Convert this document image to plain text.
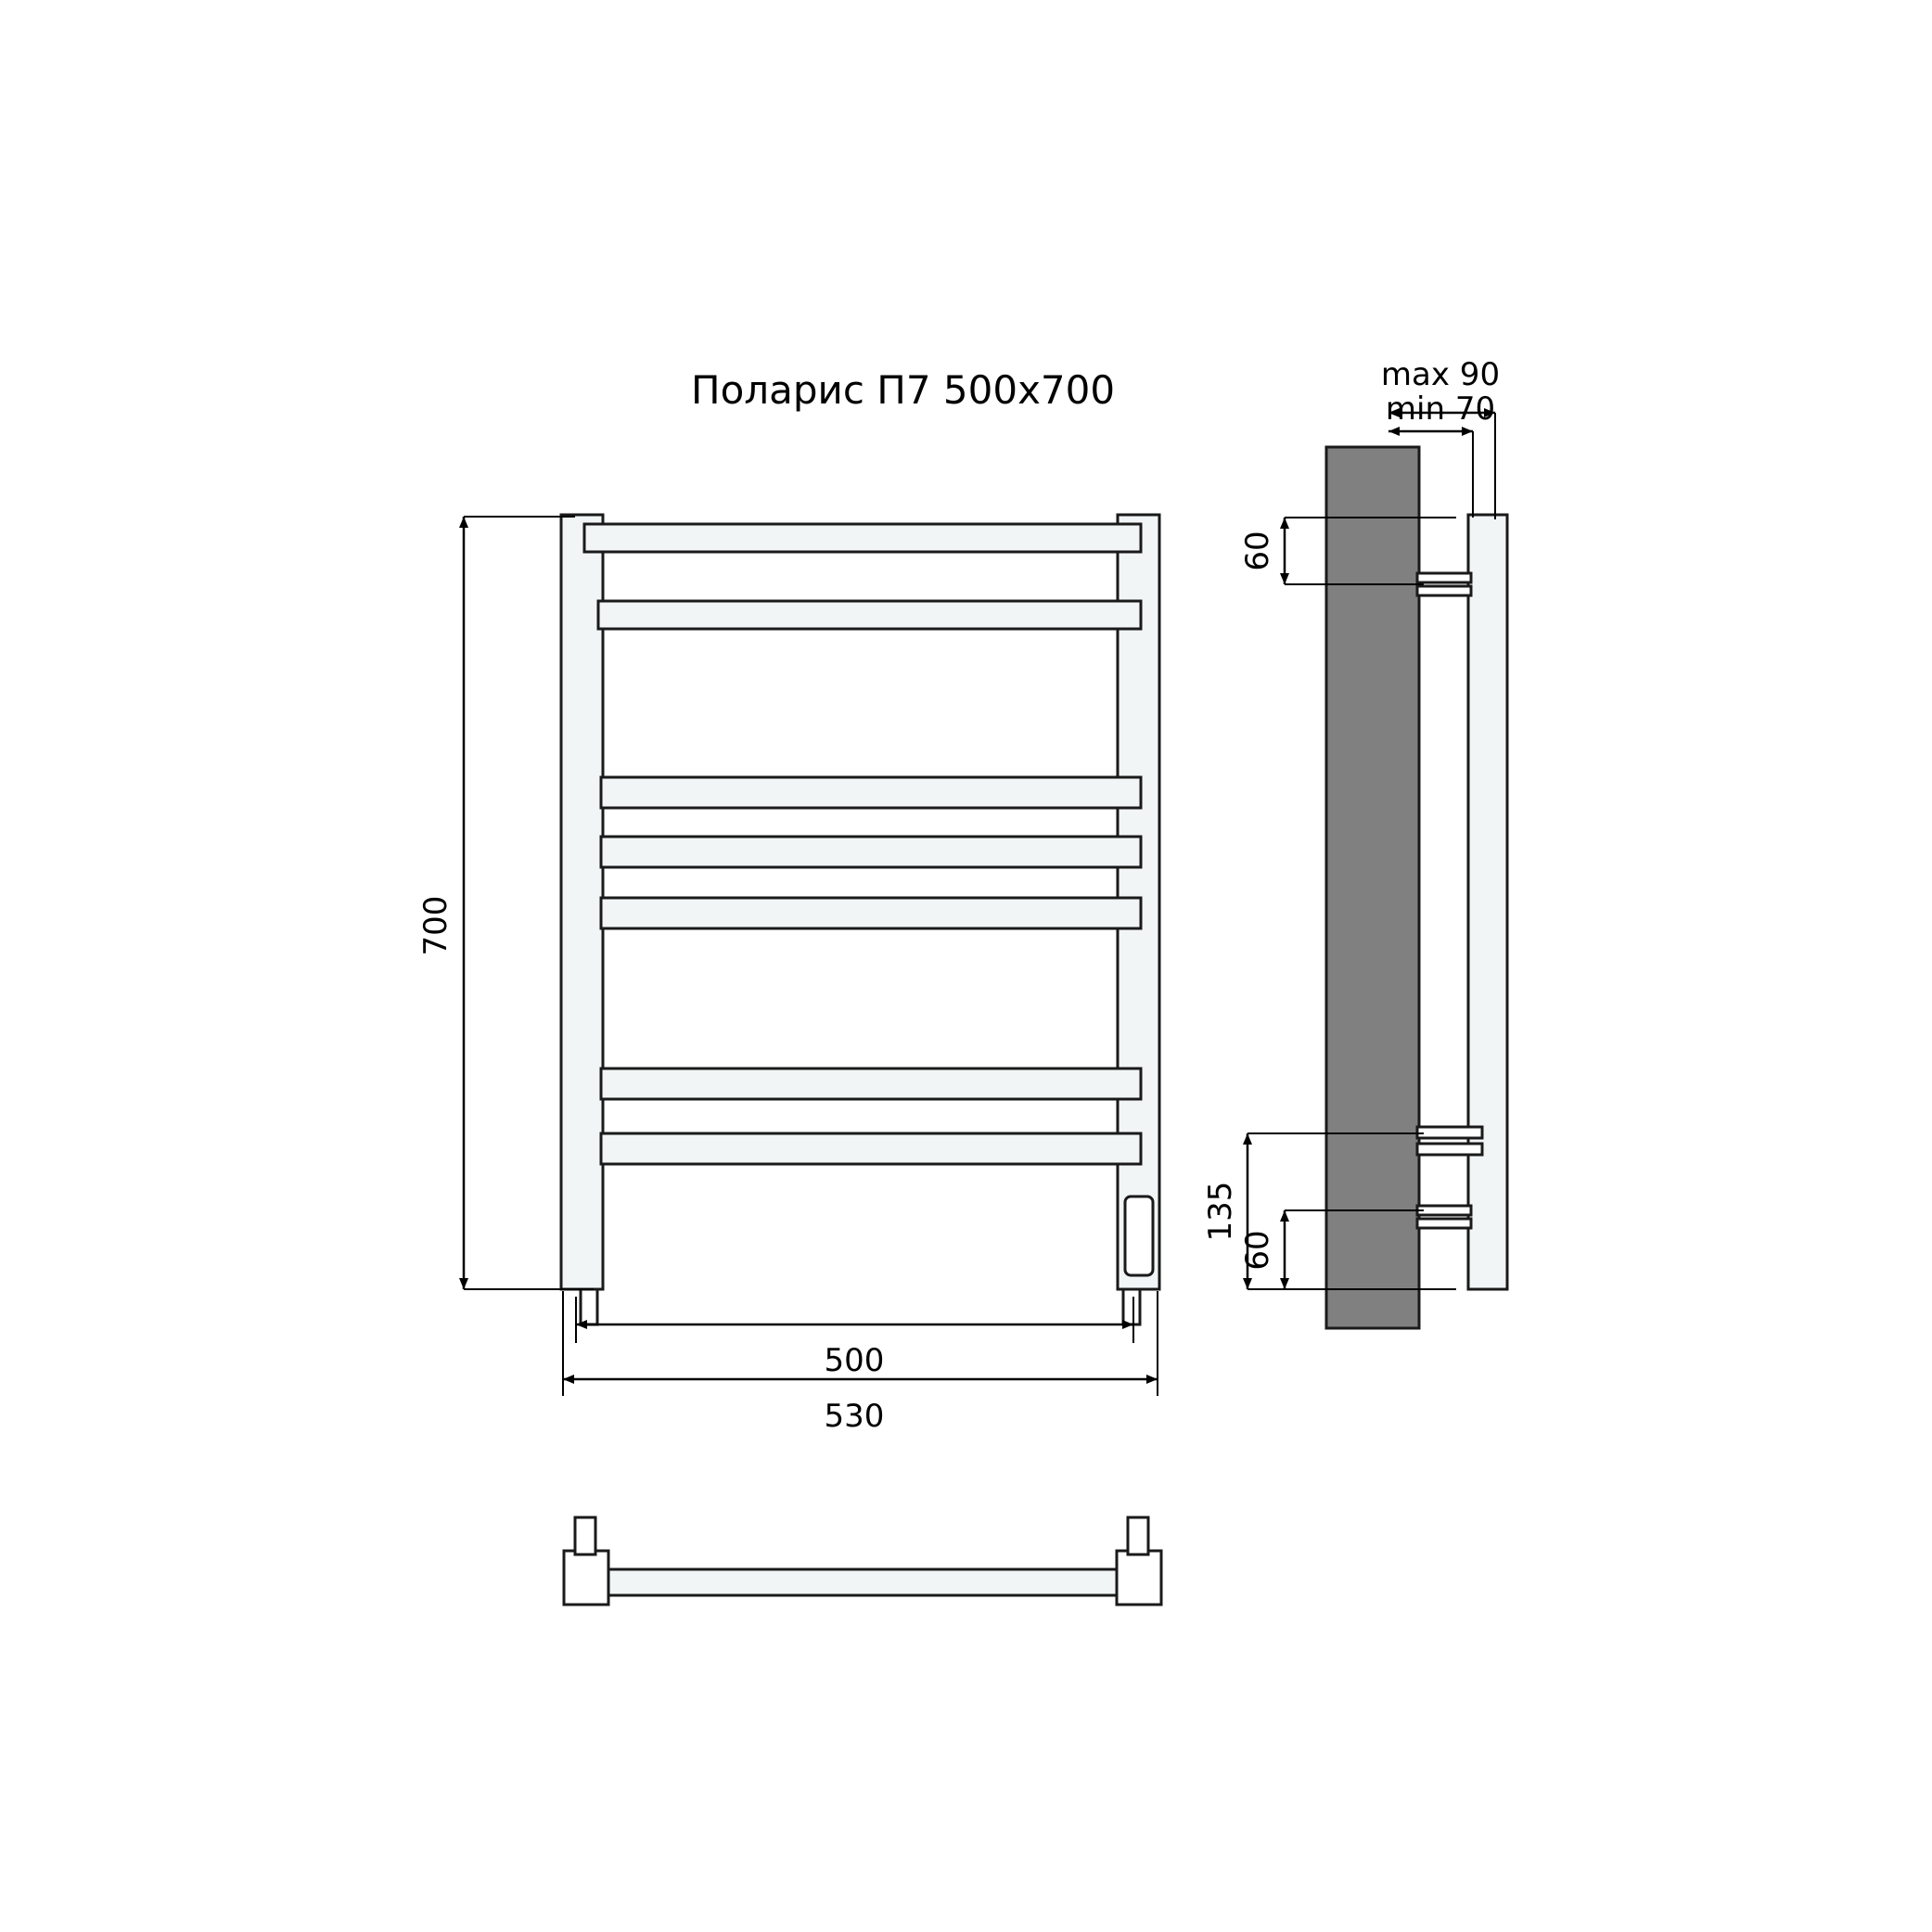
Поларис П7 500x700
700
500
530
max 90
min 70
60
135
60
